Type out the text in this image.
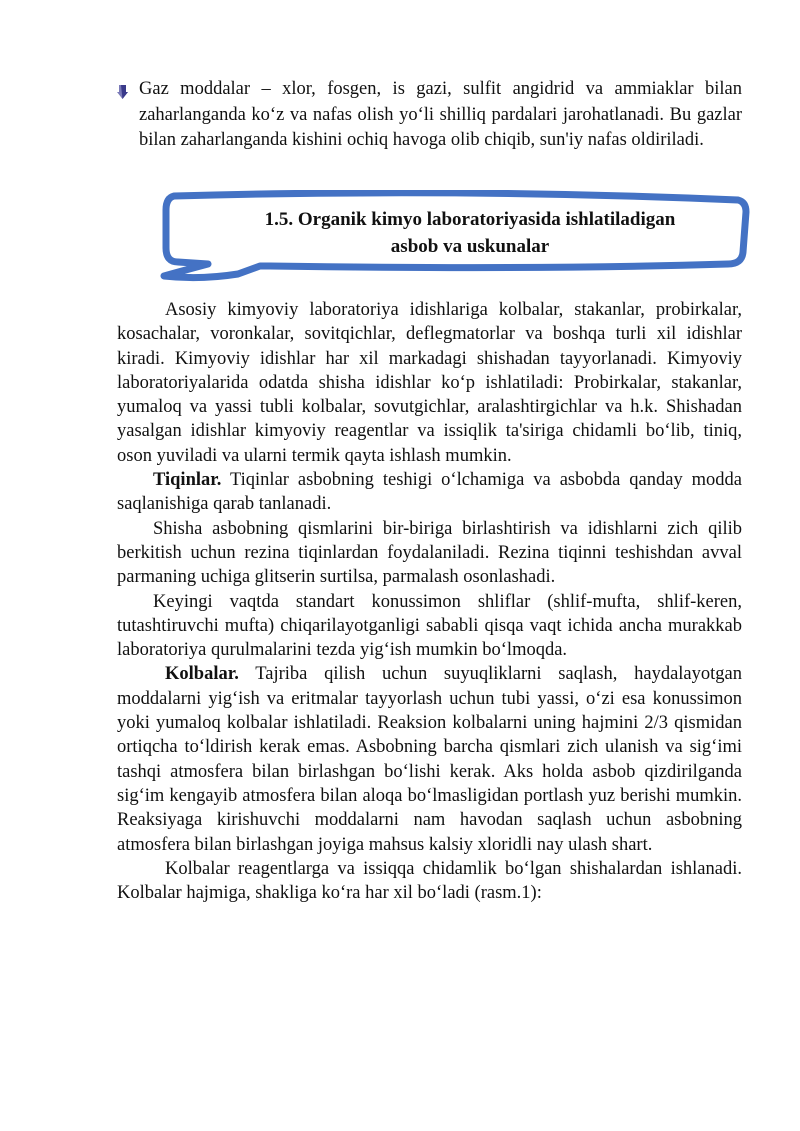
Gaz moddalar – xlor, fosgen, is gazi, sulfit angidrid va ammiaklar bilan zaharlanganda ko‘z va nafas olish yo‘li shilliq pardalari jarohatlanadi. Bu gazlar bilan zaharlanganda kishini ochiq havoga olib chiqib, sun'iy nafas oldiriladi.

1.5. Organik kimyo laboratoriyasida ishlatiladigan
asbob va uskunalar

Asosiy kimyoviy laboratoriya idishlariga kolbalar, stakanlar, probirkalar, kosachalar, voronkalar, sovitqichlar, deflegmatorlar va boshqa turli xil idishlar kiradi. Kimyoviy idishlar har xil markadagi shishadan tayyorlanadi. Kimyoviy laboratoriyalarida odatda shisha idishlar ko‘p ishlatiladi: Probirkalar, stakanlar, yumaloq va yassi tubli kolbalar, sovutgichlar, aralashtirgichlar va h.k. Shishadan yasalgan idishlar kimyoviy reagentlar va issiqlik ta'siriga chidamli bo‘lib, tiniq, oson yuviladi va ularni termik qayta ishlash mumkin.

Tiqinlar. Tiqinlar asbobning teshigi o‘lchamiga va asbobda qanday modda saqlanishiga qarab tanlanadi.

Shisha asbobning qismlarini bir-biriga birlashtirish va idishlarni zich qilib berkitish uchun rezina tiqinlardan foydalaniladi. Rezina tiqinni teshishdan avval parmaning uchiga glitserin surtilsa, parmalash osonlashadi.

Keyingi vaqtda standart konussimon shliflar (shlif-mufta, shlif-keren, tutashtiruvchi mufta) chiqarilayotganligi sababli qisqa vaqt ichida ancha murakkab laboratoriya qurulmalarini tezda yig‘ish mumkin bo‘lmoqda.

Kolbalar. Tajriba qilish uchun suyuqliklarni saqlash, haydalayotgan moddalarni yig‘ish va eritmalar tayyorlash uchun tubi yassi, o‘zi esa konussimon yoki yumaloq kolbalar ishlatiladi. Reaksion kolbalarni uning hajmini 2/3 qismidan ortiqcha to‘ldirish kerak emas. Asbobning barcha qismlari zich ulanish va sig‘imi tashqi atmosfera bilan birlashgan bo‘lishi kerak. Aks holda asbob qizdirilganda sig‘im kengayib atmosfera bilan aloqa bo‘lmasligidan portlash yuz berishi mumkin. Reaksiyaga kirishuvchi moddalarni nam havodan saqlash uchun asbobning atmosfera bilan birlashgan joyiga mahsus kalsiy xloridli nay ulash shart.

Kolbalar reagentlarga va issiqqa chidamlik bo‘lgan shishalardan ishlanadi. Kolbalar hajmiga, shakliga ko‘ra har xil bo‘ladi (rasm.1):
